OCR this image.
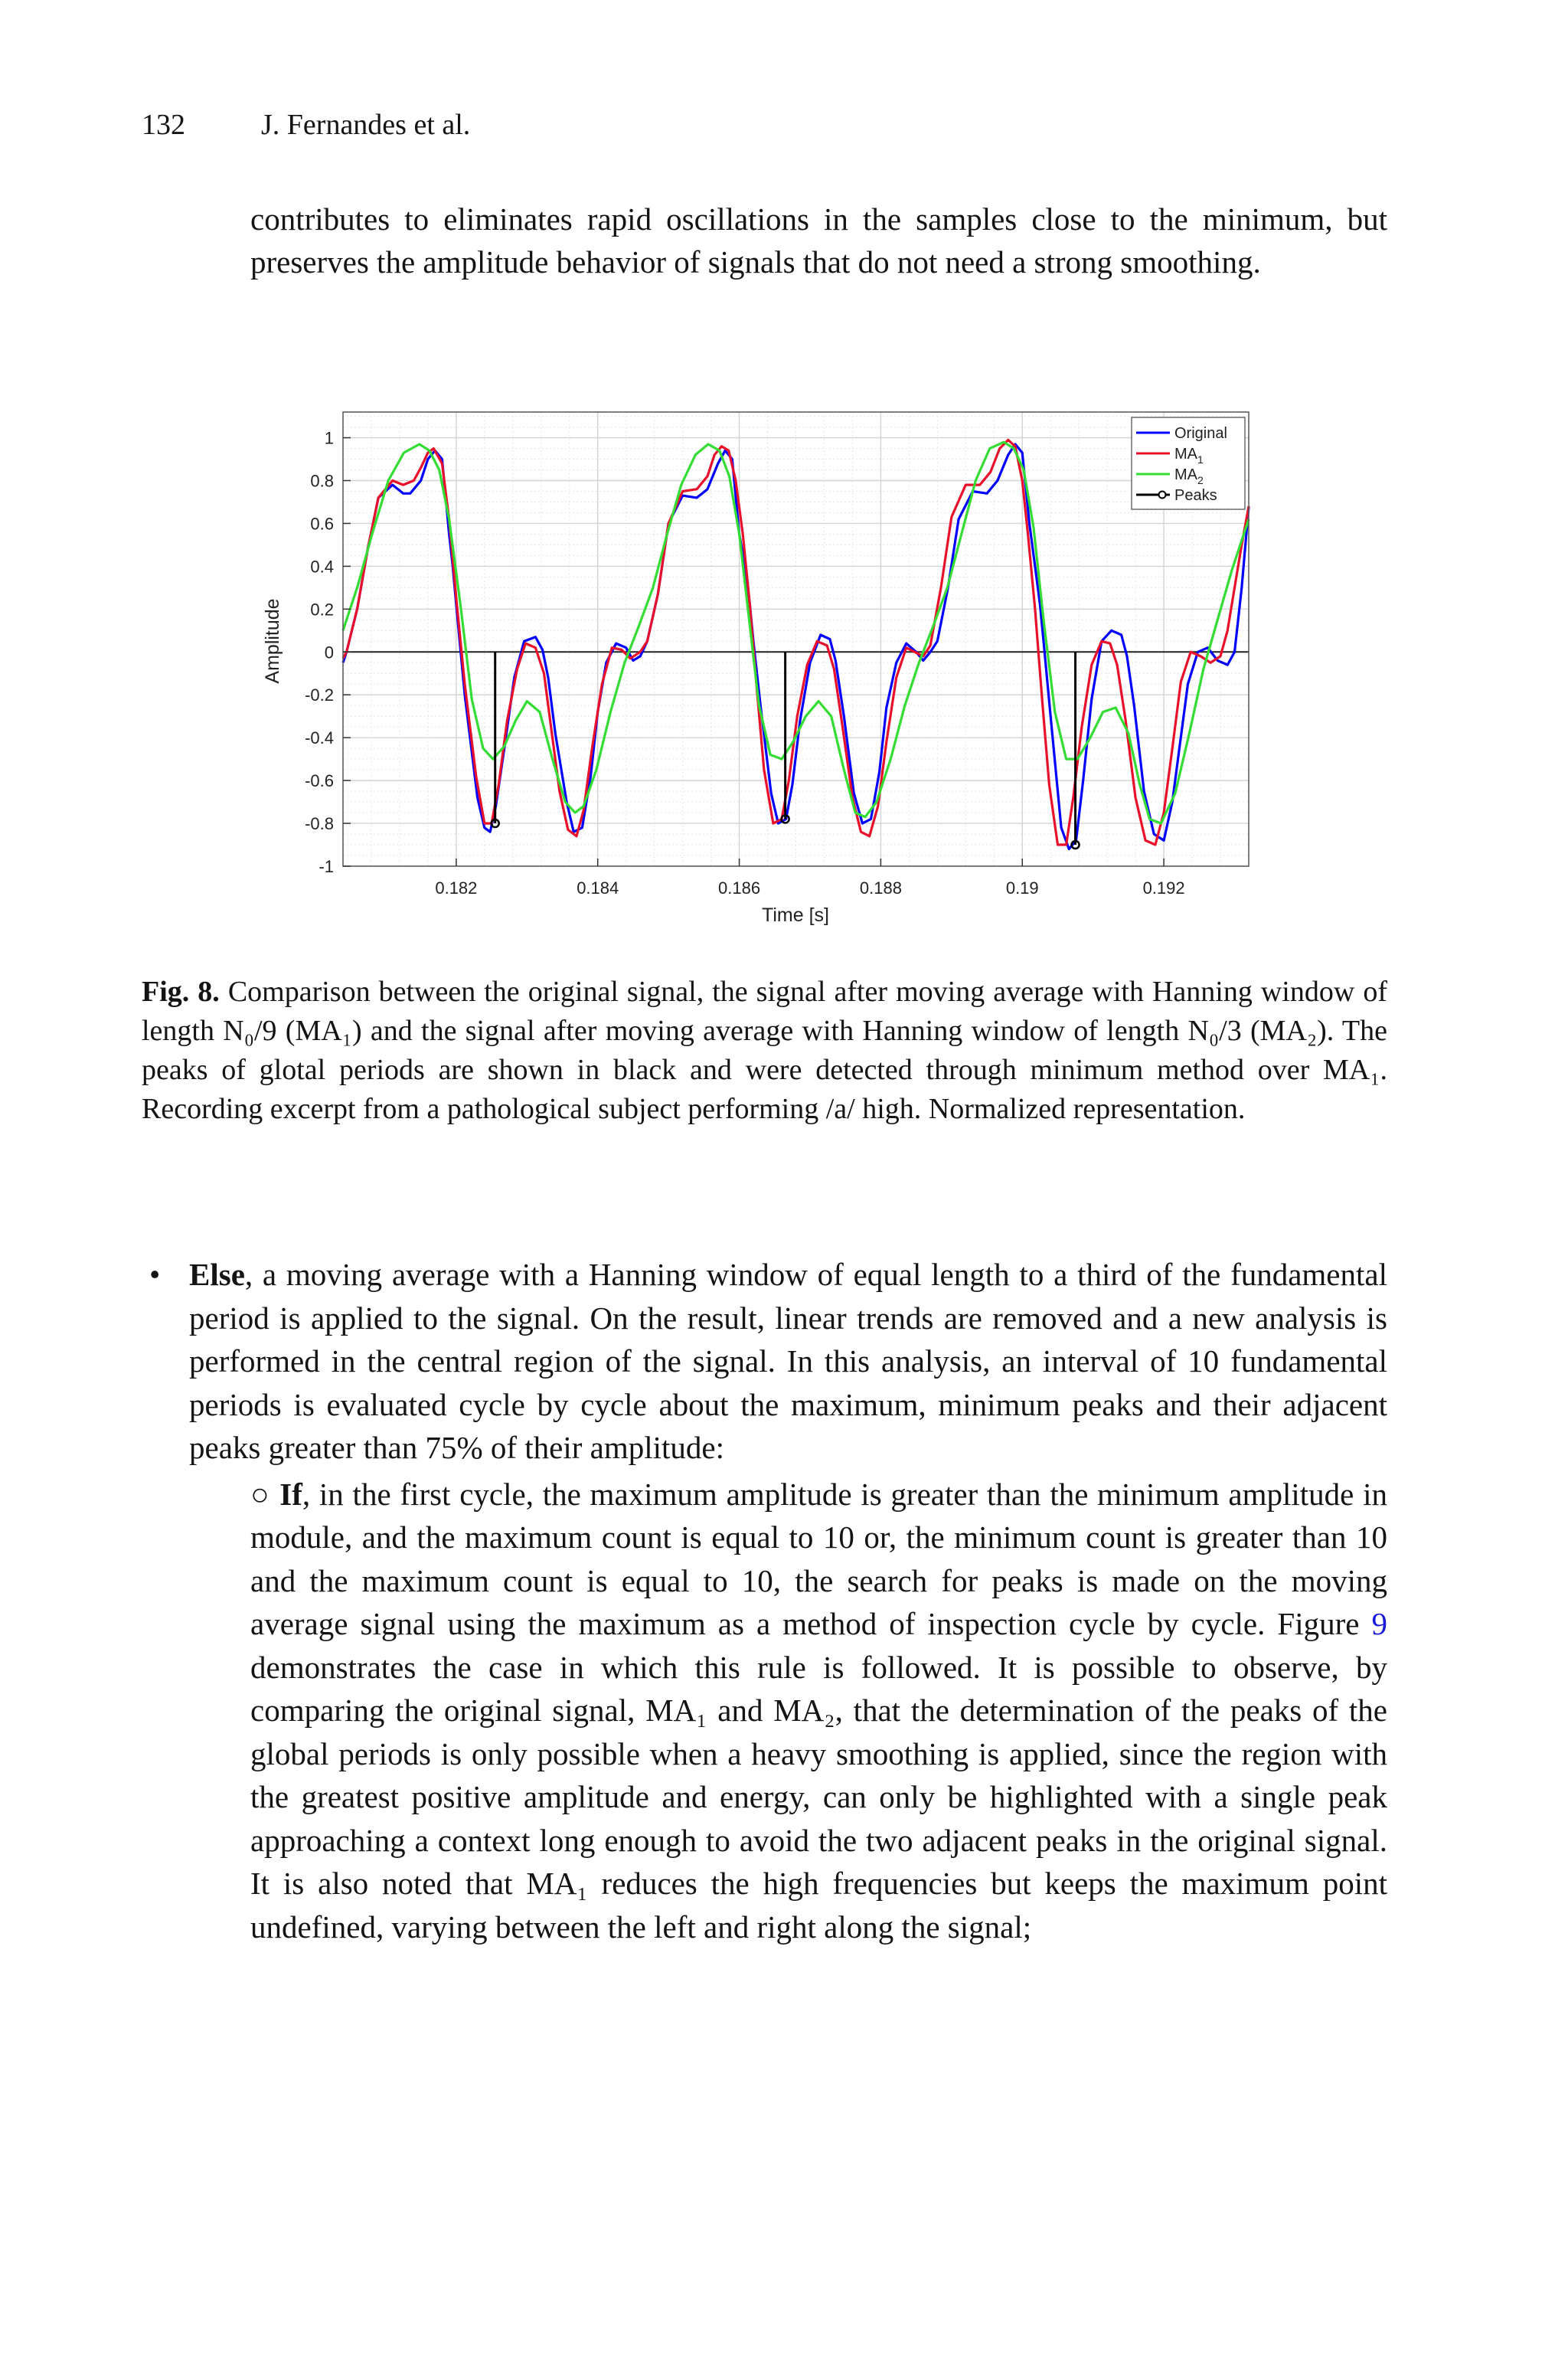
132	J. Fernandes et al.

contributes to eliminates rapid oscillations in the samples close to the minimum, but preserves the amplitude behavior of signals that do not need a strong smoothing.

0.182	0.184	0.186	0.188	0.19	0.192
1
0.8
0.6
0.4
0.2
0
-0.2
-0.4
-0.6
-0.8
-1
Original
$MA_1$
$MA_2$
Peaks
Time [s]
Amplitude

Fig. 8. Comparison between the original signal, the signal after moving average with Hanning window of length N₀/9 (MA₁) and the signal after moving average with Hanning window of length N₀/3 (MA₂). The peaks of glotal periods are shown in black and were detected through minimum method over MA₁. Recording excerpt from a pathological subject performing /a/ high. Normalized representation.

• Else, a moving average with a Hanning window of equal length to a third of the fundamental period is applied to the signal. On the result, linear trends are removed and a new analysis is performed in the central region of the signal. In this analysis, an interval of 10 fundamental periods is evaluated cycle by cycle about the maximum, minimum peaks and their adjacent peaks greater than 75% of their amplitude:
○ If, in the first cycle, the maximum amplitude is greater than the minimum amplitude in module, and the maximum count is equal to 10 or, the minimum count is greater than 10 and the maximum count is equal to 10, the search for peaks is made on the moving average signal using the maximum as a method of inspection cycle by cycle. Figure 9 demonstrates the case in which this rule is followed. It is possible to observe, by comparing the original signal, MA₁ and MA₂, that the determination of the peaks of the global periods is only possible when a heavy smoothing is applied, since the region with the greatest positive amplitude and energy, can only be highlighted with a single peak approaching a context long enough to avoid the two adjacent peaks in the original signal. It is also noted that MA₁ reduces the high frequencies but keeps the maximum point undefined, varying between the left and right along the signal;
